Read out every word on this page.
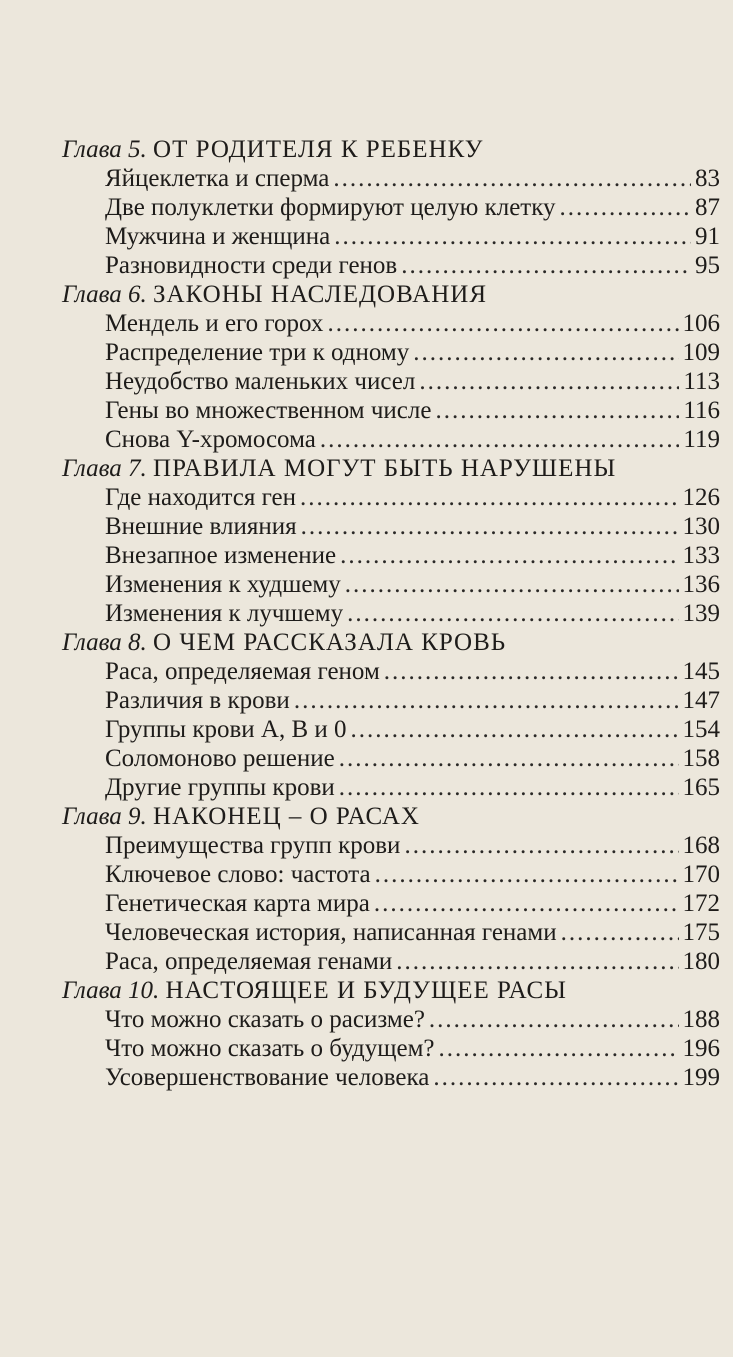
Глава 5. ОТ РОДИТЕЛЯ К РЕБЕНКУ
Яйцеклетка и сперма .....	83
Две полуклетки формируют целую клетку .....	87
Мужчина и женщина .....	91
Разновидности среди генов .....	95
Глава 6. ЗАКОНЫ НАСЛЕДОВАНИЯ
Мендель и его горох .....	106
Распределение три к одному .....	109
Неудобство маленьких чисел .....	113
Гены во множественном числе .....	116
Снова Y-хромосома .....	119
Глава 7. ПРАВИЛА МОГУТ БЫТЬ НАРУШЕНЫ
Где находится ген .....	126
Внешние влияния .....	130
Внезапное изменение .....	133
Изменения к худшему .....	136
Изменения к лучшему .....	139
Глава 8. О ЧЕМ РАССКАЗАЛА КРОВЬ
Раса, определяемая геном .....	145
Различия в крови .....	147
Группы крови A, B и 0 .....	154
Соломоново решение .....	158
Другие группы крови .....	165
Глава 9. НАКОНЕЦ – О РАСАХ
Преимущества групп крови .....	168
Ключевое слово: частота .....	170
Генетическая карта мира .....	172
Человеческая история, написанная генами .....	175
Раса, определяемая генами .....	180
Глава 10. НАСТОЯЩЕЕ И БУДУЩЕЕ РАСЫ
Что можно сказать о расизме? .....	188
Что можно сказать о будущем? .....	196
Усовершенствование человека .....	199
